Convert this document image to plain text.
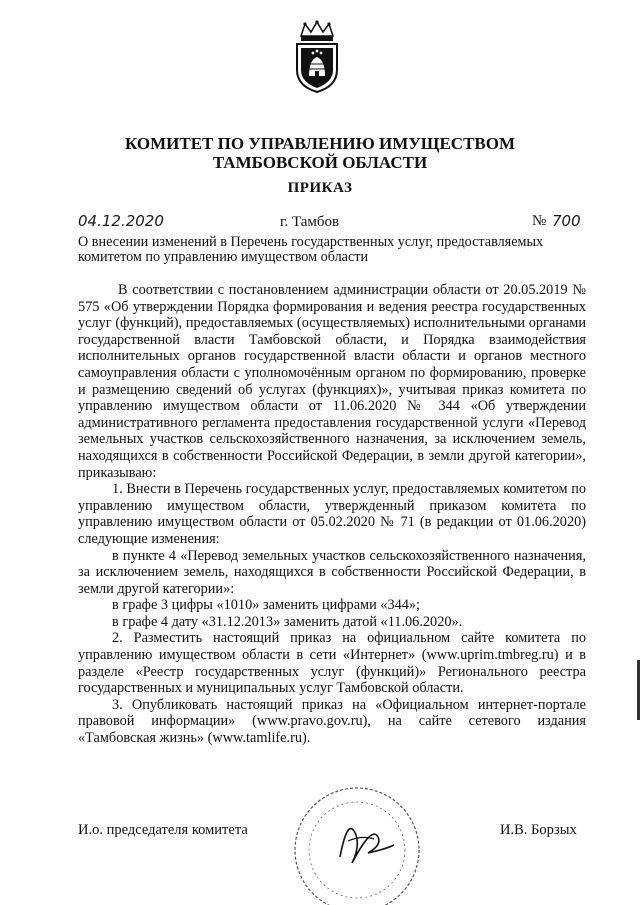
КОМИТЕТ ПО УПРАВЛЕНИЮ ИМУЩЕСТВОМ
ТАМБОВСКОЙ ОБЛАСТИ
ПРИКАЗ
04.12.2020	г. Тамбов	№ 700
О внесении изменений в Перечень государственных услуг, предоставляемых комитетом по управлению имуществом области

В соответствии с постановлением администрации области от 20.05.2019 № 575 «Об утверждении Порядка формирования и ведения реестра государственных услуг (функций), предоставляемых (осуществляемых) исполнительными органами государственной власти Тамбовской области, и Порядка взаимодействия исполнительных органов государственной власти области и органов местного самоуправления области с уполномочённым органом по формированию, проверке и размещению сведений об услугах (функциях)», учитывая приказ комитета по управлению имуществом области от 11.06.2020 № 344 «Об утверждении административного регламента предоставления государственной услуги «Перевод земельных участков сельскохозяйственного назначения, за исключением земель, находящихся в собственности Российской Федерации, в земли другой категории», приказываю:

1. Внести в Перечень государственных услуг, предоставляемых комитетом по управлению имуществом области, утвержденный приказом комитета по управлению имуществом области от 05.02.2020 № 71 (в редакции от 01.06.2020) следующие изменения:

в пункте 4 «Перевод земельных участков сельскохозяйственного назначения, за исключением земель, находящихся в собственности Российской Федерации, в земли другой категории»:

в графе 3 цифры «1010» заменить цифрами «344»;

в графе 4 дату «31.12.2013» заменить датой «11.06.2020».

2. Разместить настоящий приказ на официальном сайте комитета по управлению имуществом области в сети «Интернет» (www.uprim.tmbreg.ru) и в разделе «Реестр государственных услуг (функций)» Регионального реестра государственных и муниципальных услуг Тамбовской области.

3. Опубликовать настоящий приказ на «Официальном интернет-портале правовой информации» (www.pravo.gov.ru), на сайте сетевого издания «Тамбовская жизнь» (www.tamlife.ru).

И.о. председателя комитета	И.В. Борзых
